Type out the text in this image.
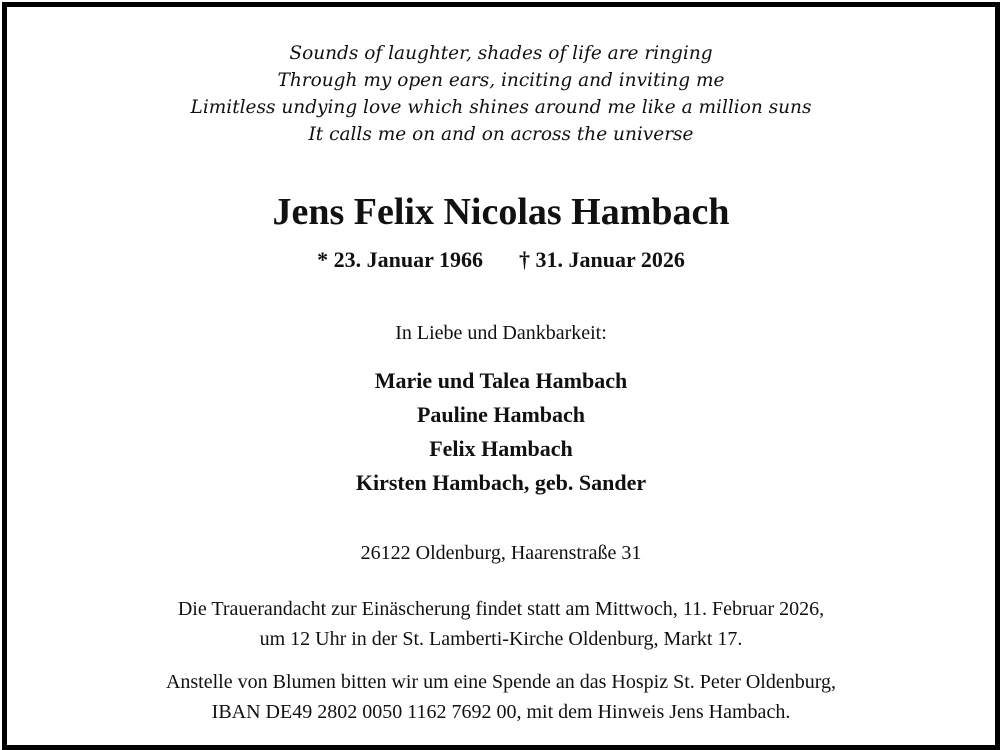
Sounds of laughter, shades of life are ringing
Through my open ears, inciting and inviting me
Limitless undying love which shines around me like a million suns
It calls me on and on across the universe
Jens Felix Nicolas Hambach
* 23. Januar 1966 † 31. Januar 2026
In Liebe und Dankbarkeit:
Marie und Talea Hambach
Pauline Hambach
Felix Hambach
Kirsten Hambach, geb. Sander
26122 Oldenburg, Haarenstraße 31
Die Trauerandacht zur Einäscherung findet statt am Mittwoch, 11. Februar 2026,
um 12 Uhr in der St. Lamberti-Kirche Oldenburg, Markt 17.
Anstelle von Blumen bitten wir um eine Spende an das Hospiz St. Peter Oldenburg,
IBAN DE49 2802 0050 1162 7692 00, mit dem Hinweis Jens Hambach.
